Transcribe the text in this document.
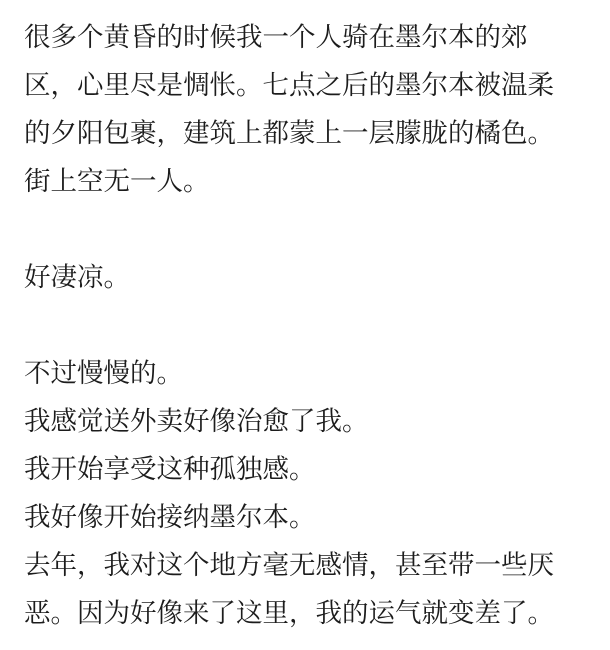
很多个黄昏的时候我一个人骑在墨尔本的郊
区，心里尽是惆怅。七点之后的墨尔本被温柔
的夕阳包裹，建筑上都蒙上一层朦胧的橘色。
街上空无一人。
好凄凉。
不过慢慢的。
我感觉送外卖好像治愈了我。
我开始享受这种孤独感。
我好像开始接纳墨尔本。
去年，我对这个地方毫无感情，甚至带一些厌
恶。因为好像来了这里，我的运气就变差了。
